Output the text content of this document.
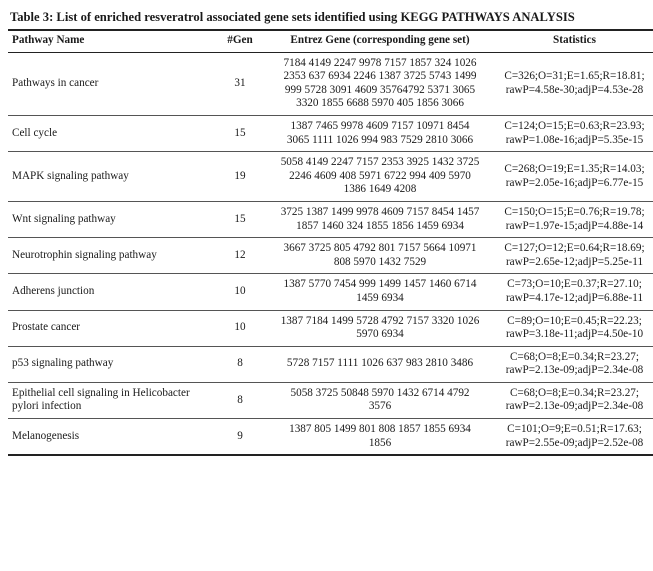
Table 3: List of enriched resveratrol associated gene sets identified using KEGG PATHWAYS ANALYSIS
Pathway Name	#Gen	Entrez Gene (corresponding gene set)	Statistics
Pathways in cancer	31	7184 4149 2247 9978 7157 1857 324 1026 2353 637 6934 2246 1387 3725 5743 1499 999 5728 3091 4609 35764792 5371 3065 3320 1855 6688 5970 405 1856 3066	C=326;O=31;E=1.65;R=18.81; rawP=4.58e-30;adjP=4.53e-28
Cell cycle	15	1387 7465 9978 4609 7157 10971 8454 3065 1111 1026 994 983 7529 2810 3066	C=124;O=15;E=0.63;R=23.93; rawP=1.08e-16;adjP=5.35e-15
MAPK signaling pathway	19	5058 4149 2247 7157 2353 3925 1432 3725 2246 4609 408 5971 6722 994 409 5970 1386 1649 4208	C=268;O=19;E=1.35;R=14.03; rawP=2.05e-16;adjP=6.77e-15
Wnt signaling pathway	15	3725 1387 1499 9978 4609 7157 8454 1457 1857 1460 324 1855 1856 1459 6934	C=150;O=15;E=0.76;R=19.78; rawP=1.97e-15;adjP=4.88e-14
Neurotrophin signaling pathway	12	3667 3725 805 4792 801 7157 5664 10971 808 5970 1432 7529	C=127;O=12;E=0.64;R=18.69; rawP=2.65e-12;adjP=5.25e-11
Adherens junction	10	1387 5770 7454 999 1499 1457 1460 6714 1459 6934	C=73;O=10;E=0.37;R=27.10; rawP=4.17e-12;adjP=6.88e-11
Prostate cancer	10	1387 7184 1499 5728 4792 7157 3320 1026 5970 6934	C=89;O=10;E=0.45;R=22.23; rawP=3.18e-11;adjP=4.50e-10
p53 signaling pathway	8	5728 7157 1111 1026 637 983 2810 3486	C=68;O=8;E=0.34;R=23.27; rawP=2.13e-09;adjP=2.34e-08
Epithelial cell signaling in Helicobacter pylori infection	8	5058 3725 50848 5970 1432 6714 4792 3576	C=68;O=8;E=0.34;R=23.27; rawP=2.13e-09;adjP=2.34e-08
Melanogenesis	9	1387 805 1499 801 808 1857 1855 6934 1856	C=101;O=9;E=0.51;R=17.63; rawP=2.55e-09;adjP=2.52e-08
